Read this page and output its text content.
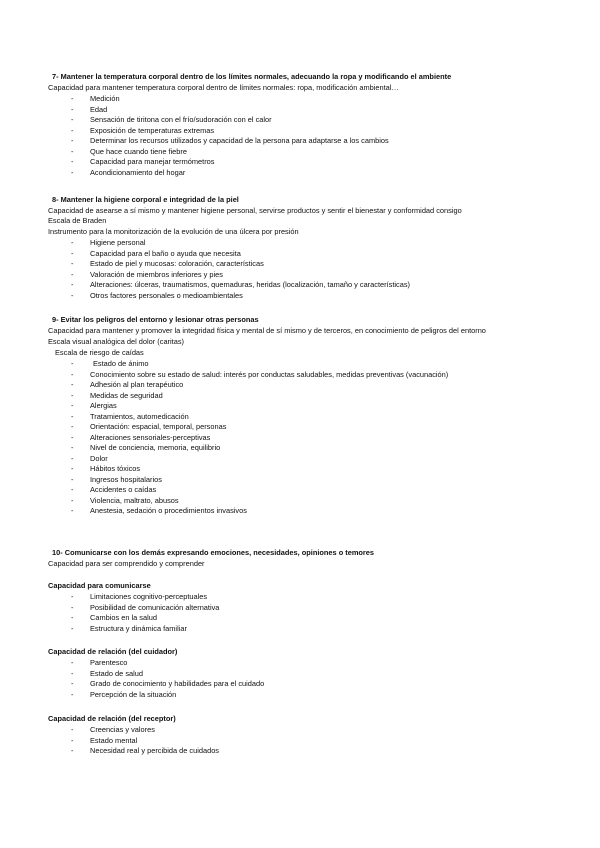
7- Mantener la temperatura corporal dentro de los límites normales, adecuando la ropa y modificando el ambiente
Capacidad para mantener temperatura corporal dentro de límites normales: ropa, modificación ambiental…
-	Medición
-	Edad
-	Sensación de tiritona con el frío/sudoración con el calor
-	Exposición de temperaturas extremas
-	Determinar los recursos utilizados y capacidad de la persona para adaptarse a los cambios
-	Que hace cuando tiene fiebre
-	Capacidad para manejar termómetros
-	Acondicionamiento del hogar
8- Mantener la higiene corporal e integridad de la piel
Capacidad de asearse a sí mismo y mantener higiene personal, servirse productos y sentir el bienestar y conformidad consigo
Escala de Braden
Instrumento para la monitorización de la evolución de una úlcera por presión
-	Higiene personal
-	Capacidad para el baño o ayuda que necesita
-	Estado de piel y mucosas: coloración, características
-	Valoración de miembros inferiores y pies
-	Alteraciones: úlceras, traumatismos, quemaduras, heridas (localización, tamaño y características)
-	Otros factores personales o medioambientales
9- Evitar los peligros del entorno y lesionar otras personas
Capacidad para mantener y promover la integridad física y mental de sí mismo y de terceros, en conocimiento de peligros del entorno
Escala visual analógica del dolor (caritas)
Escala de riesgo de caídas
-	Estado de ánimo
-	Conocimiento sobre su estado de salud: interés por conductas saludables, medidas preventivas (vacunación)
-	Adhesión al plan terapéutico
-	Medidas de seguridad
-	Alergias
-	Tratamientos, automedicación
-	Orientación: espacial, temporal, personas
-	Alteraciones sensoriales-perceptivas
-	Nivel de conciencia, memoria, equilibrio
-	Dolor
-	Hábitos tóxicos
-	Ingresos hospitalarios
-	Accidentes o caídas
-	Violencia, maltrato, abusos
-	Anestesia, sedación o procedimientos invasivos
10- Comunicarse con los demás expresando emociones, necesidades, opiniones o temores
Capacidad para ser comprendido y comprender
Capacidad para comunicarse
-	Limitaciones cognitivo-perceptuales
-	Posibilidad de comunicación alternativa
-	Cambios en la salud
-	Estructura y dinámica familiar
Capacidad de relación (del cuidador)
-	Parentesco
-	Estado de salud
-	Grado de conocimiento y habilidades para el cuidado
-	Percepción de la situación
Capacidad de relación (del receptor)
-	Creencias y valores
-	Estado mental
-	Necesidad real y percibida de cuidados
